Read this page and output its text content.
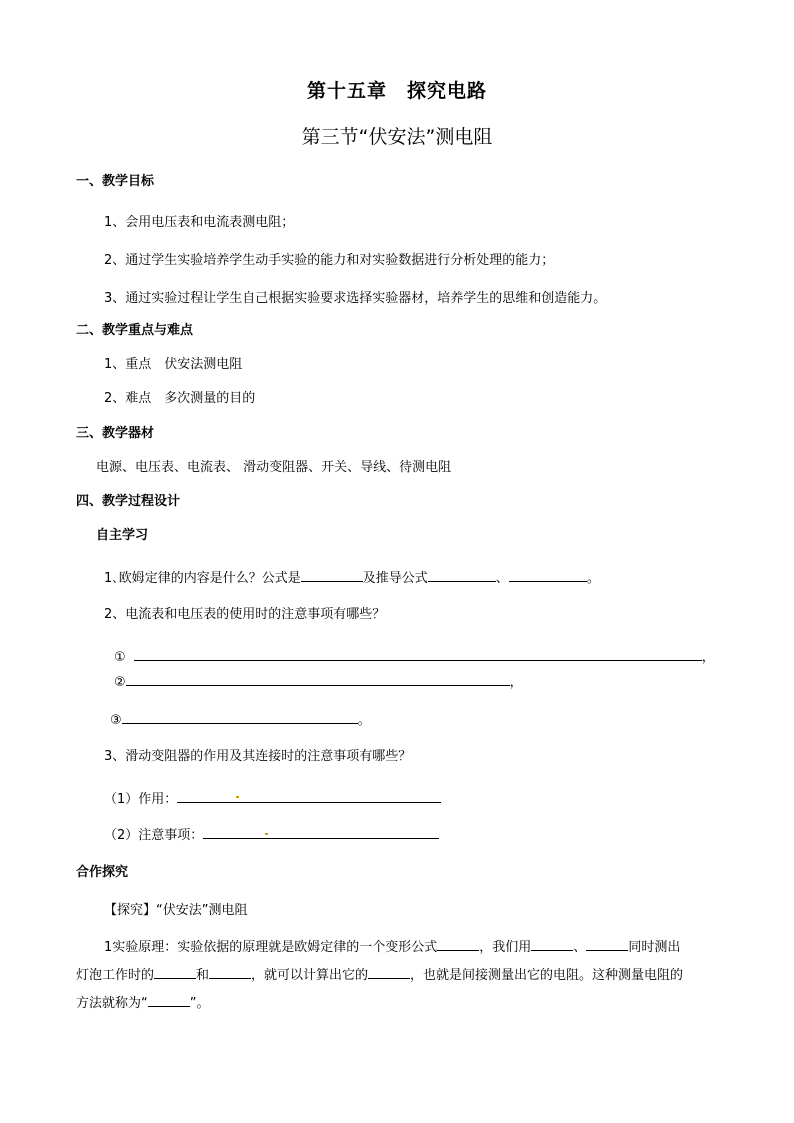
第十五章　探究电路
第三节“伏安法”测电阻
一、教学目标
1、会用电压表和电流表测电阻；
2、通过学生实验培养学生动手实验的能力和对实验数据进行分析处理的能力；
3、通过实验过程让学生自己根据实验要求选择实验器材，培养学生的思维和创造能力。
二、教学重点与难点
1、重点　伏安法测电阻
2、难点　多次测量的目的
三、教学器材
电源、电压表、电流表、 滑动变阻器、开关、导线、待测电阻
四、教学过程设计
自主学习
1､欧姆定律的内容是什么？公式是	及推导公式	、	。
2、电流表和电压表的使用时的注意事项有哪些？
①	，
②	，
③	。
3、滑动变阻器的作用及其连接时的注意事项有哪些？
（1）作用：
（2）注意事项：
合作探究
【探究】“伏安法”测电阻
1实验原理：实验依据的原理就是欧姆定律的一个变形公式	，我们用	、	同时测出
灯泡工作时的	和	，就可以计算出它的	，也就是间接测量出它的电阻。这种测量电阻的
方法就称为“	”。
